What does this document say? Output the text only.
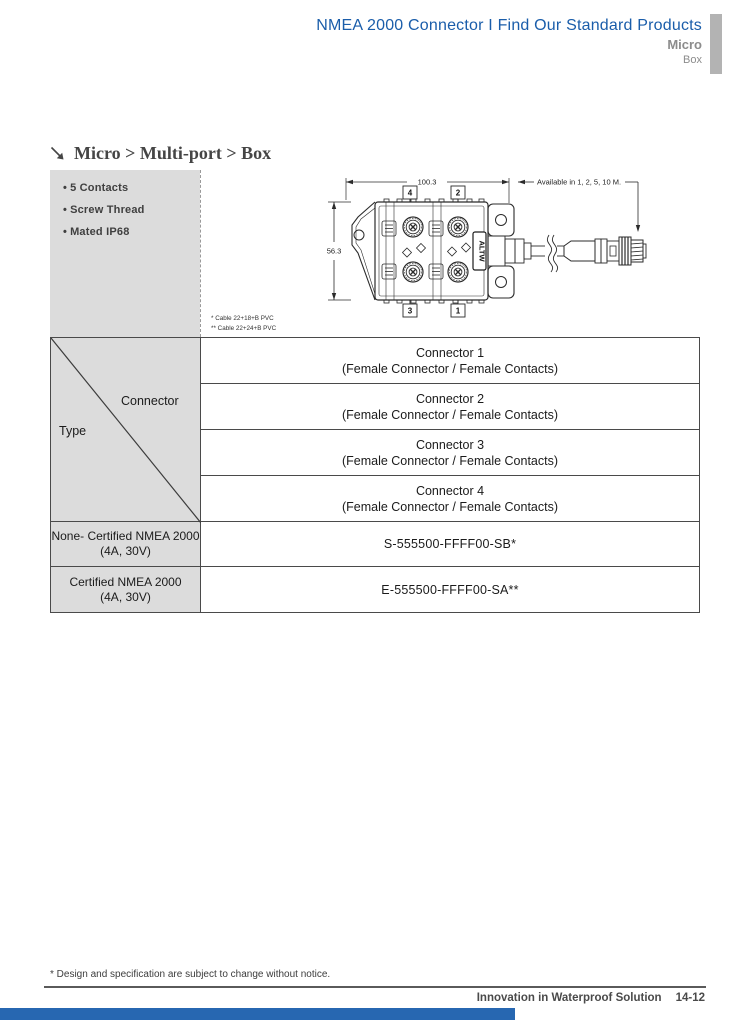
NMEA 2000 Connector I Find Our Standard Products
Micro
Box
Micro > Multi-port > Box
• 5 Contacts
• Screw Thread
• Mated IP68
ALTW
100.3
56.3
Available in 1, 2, 5, 10 M.
4	2
3	1
* Cable 22+18+B PVC
** Cable 22+24+B PVC
Connector
Type
Connector 1
(Female Connector / Female Contacts)
Connector 2
(Female Connector / Female Contacts)
Connector 3
(Female Connector / Female Contacts)
Connector 4
(Female Connector / Female Contacts)
None- Certified NMEA 2000
(4A, 30V)	S-555500-FFFF00-SB*
Certified NMEA 2000
(4A, 30V)	E-555500-FFFF00-SA**
* Design and specification are subject to change without notice.
Innovation in Waterproof Solution 14-12
